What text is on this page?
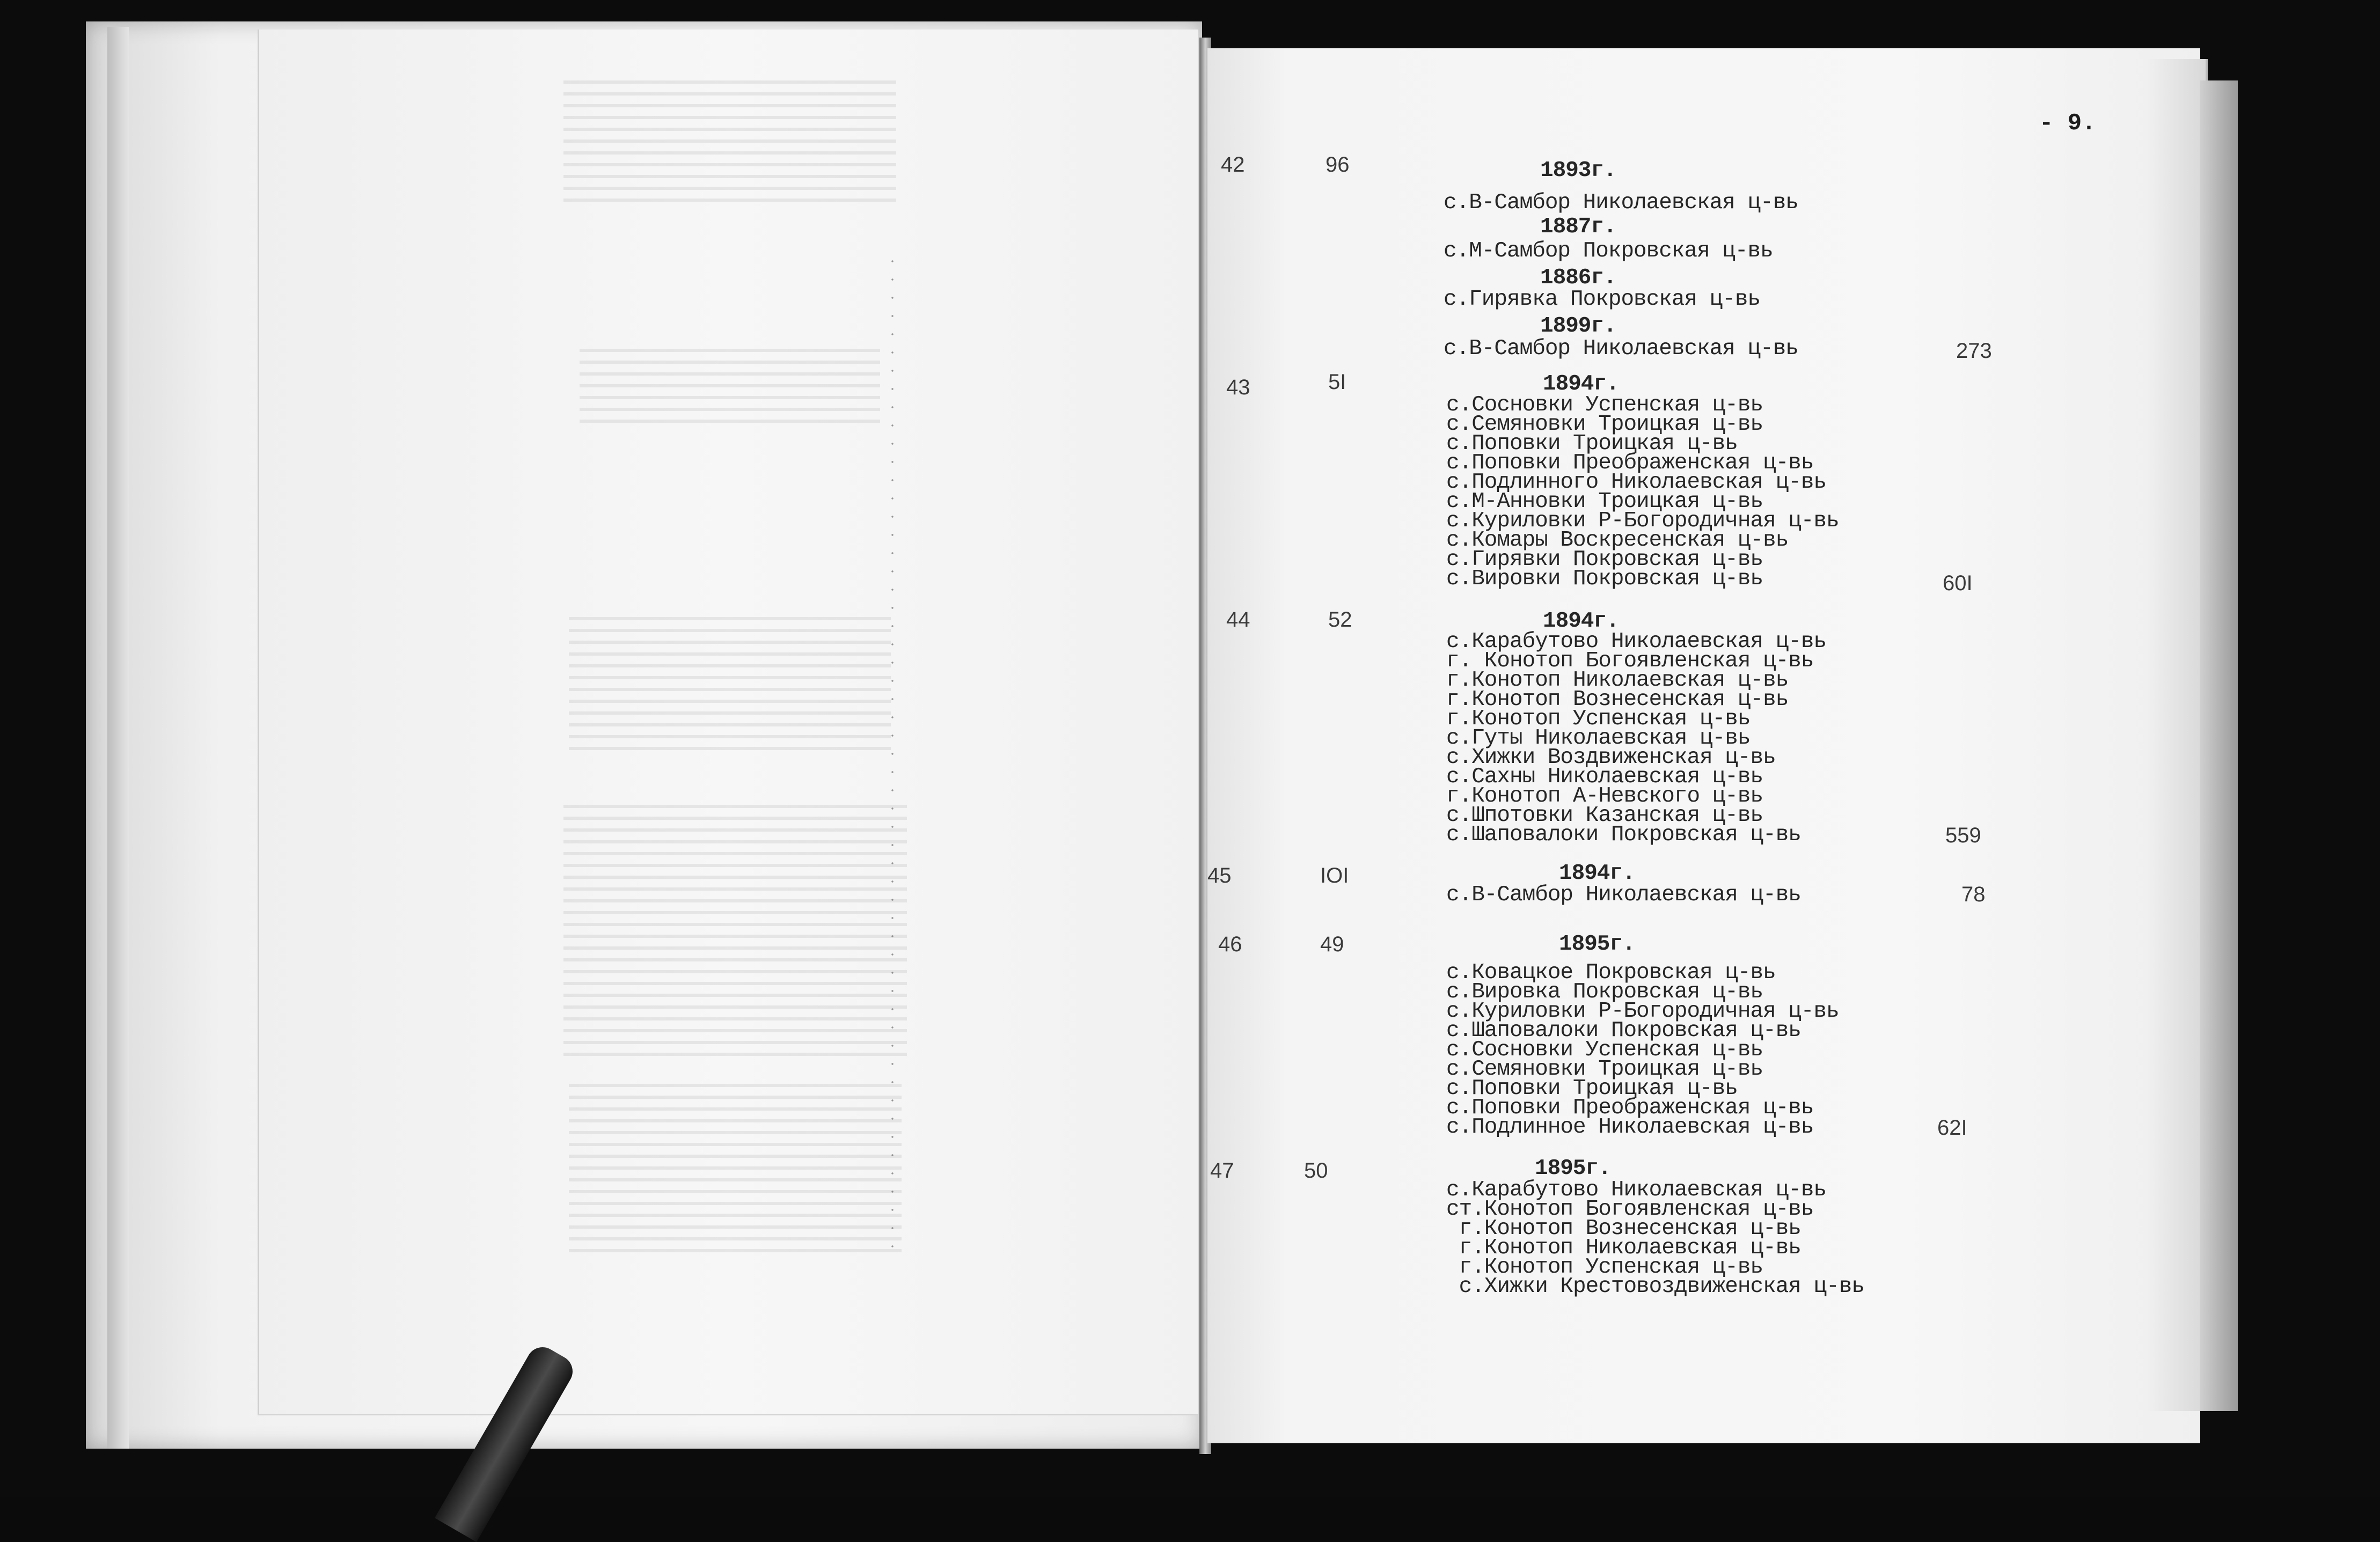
- 9.
42	96	1893г.
с.В-Самбор Николаевская ц-вь
1887г.
с.М-Самбор Покровская ц-вь
1886г.
с.Гирявка Покровская ц-вь
1899г.
с.В-Самбор Николаевская ц-вь	273
43	5I	1894г.
с.Сосновки Успенская ц-вь
с.Семяновки Троицкая ц-вь
с.Поповки Троицкая ц-вь
с.Поповки Преображенская ц-вь
с.Подлинного Николаевская ц-вь
с.М-Анновки Троицкая ц-вь
с.Куриловки Р-Богородичная ц-вь
с.Комары Воскресенская ц-вь
с.Гирявки Покровская ц-вь
с.Вировки Покровская ц-вь	60I
44	52	1894г.
с.Карабутово Николаевская ц-вь
г. Конотоп Богоявленская ц-вь
г.Конотоп Николаевская ц-вь
г.Конотоп Вознесенская ц-вь
г.Конотоп Успенская ц-вь
с.Гуты Николаевская ц-вь
с.Хижки Воздвиженская ц-вь
с.Сахны Николаевская ц-вь
г.Конотоп А-Невского ц-вь
с.Шпотовки Казанская ц-вь
с.Шаповалоки Покровская ц-вь	559
45	IOI	1894г.
с.В-Самбор Николаевская ц-вь	78
46	49	1895г.
с.Ковацкое Покровская ц-вь
с.Вировка Покровская ц-вь
с.Куриловки Р-Богородичная ц-вь
с.Шаповалоки Покровская ц-вь
с.Сосновки Успенская ц-вь
с.Семяновки Троицкая ц-вь
с.Поповки Троицкая ц-вь
с.Поповки Преображенская ц-вь
с.Подлинное Николаевская ц-вь	62I
47	50	1895г.
с.Карабутово Николаевская ц-вь
ст.Конотоп Богоявленская ц-вь
г.Конотоп Вознесенская ц-вь
г.Конотоп Николаевская ц-вь
г.Конотоп Успенская ц-вь
с.Хижки Крестовоздвиженская ц-вь
